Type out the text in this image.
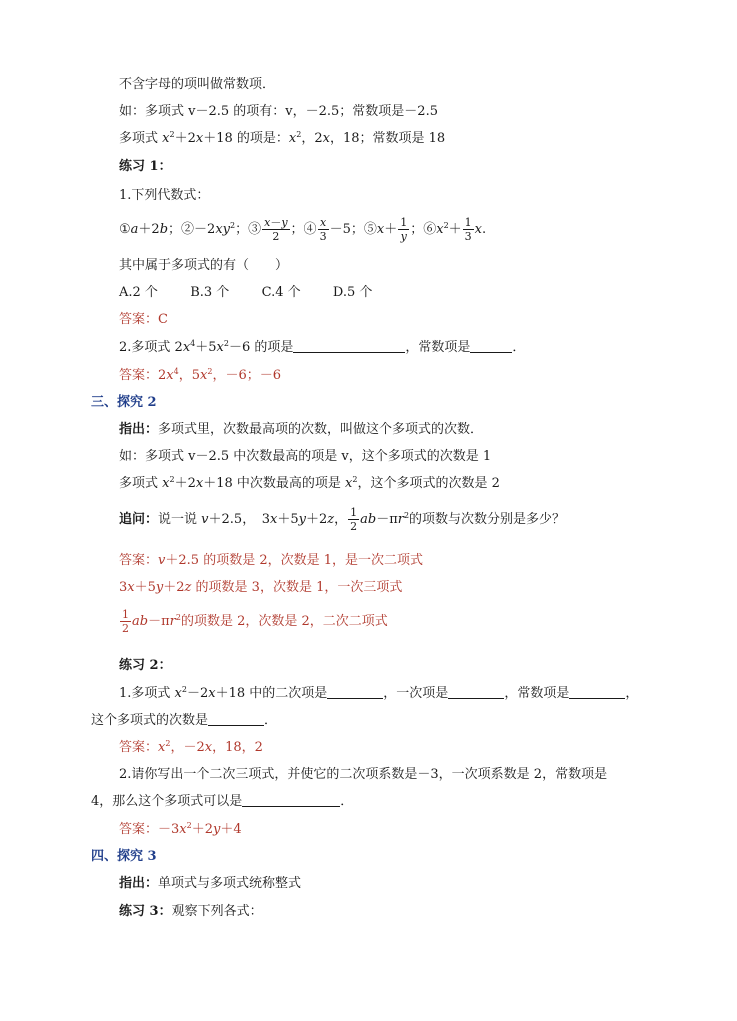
不含字母的项叫做常数项．
如：多项式 v－2.5 的项有：v，－2.5；常数项是－2.5
多项式 $x^2+2x+18$ 的项是：$x^2$，2x，18；常数项是 18
练习 1：
1.下列代数式：
①a＋2b；$②-2xy^2$；③ $\frac{x-y}{2}$ ；④ $\frac{x}{3} -5$；⑤x＋ $\frac{1}{y}$ ；$⑥x^2+ \frac{1}{3} x$.
其中属于多项式的有（　　）
A.2 个 B.3 个 C.4 个 D.5 个
答案：C
2.多项式 $2x^4+5x^2-6$ 的项是	，常数项是	．
答案：$2x^4$，$5x^2$，－6；－6
三、探究 2
指出：多项式里，次数最高项的次数，叫做这个多项式的次数．
如：多项式 v－2.5 中次数最高的项是 v，这个多项式的次数是 1
多项式 $x^2+2x+18$ 中次数最高的项是 $x^2$，这个多项式的次数是 2
追问：说一说 v＋2.5，　3x＋5y＋2z， $\frac{1}{2} ab-\pi r^2$的项数与次数分别是多少？
答案：v＋2.5 的项数是 2，次数是 1，是一次二项式
3x＋5y＋2z 的项数是 3，次数是 1，一次三项式
$\frac{1}{2} ab-\pi r^2$的项数是 2，次数是 2，二次二项式
练习 2：
1.多项式 $x^2-2x+18$ 中的二次项是	，一次项是	，常数项是	，
这个多项式的次数是	．
答案：$x^2$，－2x，18，2
2.请你写出一个二次三项式，并使它的二次项系数是－3，一次项系数是 2，常数项是
4，那么这个多项式可以是	．
答案：$-3x^2+2y+4$
四、探究 3
指出：单项式与多项式统称整式
练习 3：观察下列各式：
